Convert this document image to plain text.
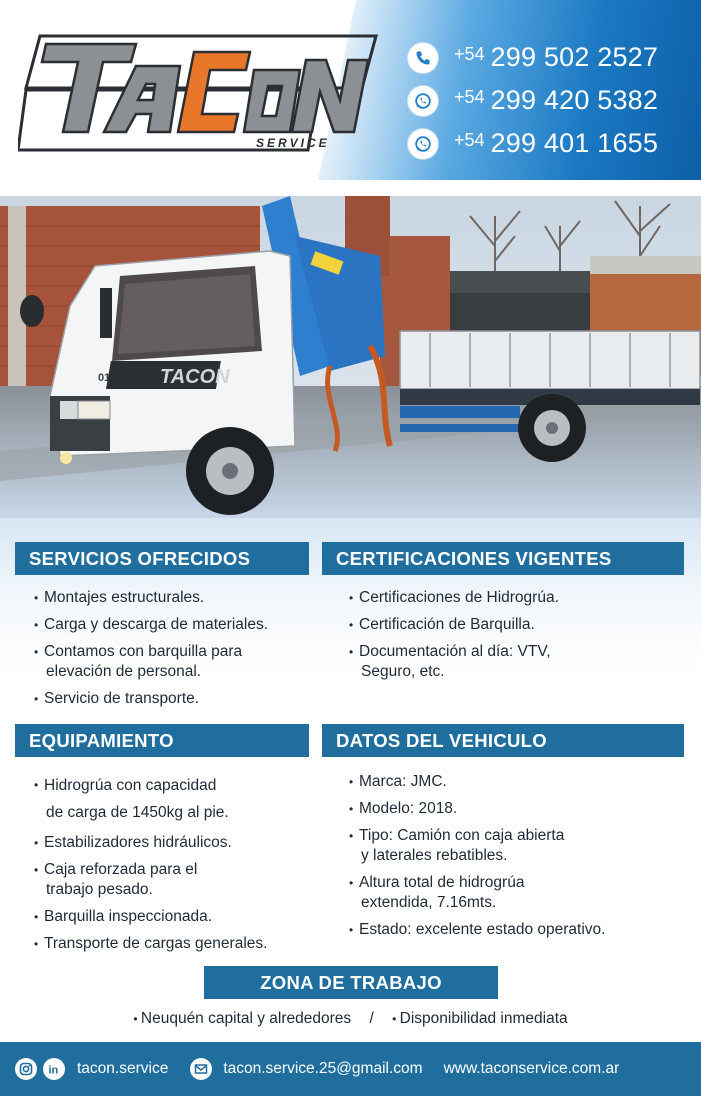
SERVICE
+54 299 502 2527
+54 299 420 5382
+54 299 401 1655
TACON
01
SERVICIOS OFRECIDOS
• Montajes estructurales.
• Carga y descarga de materiales.
• Contamos con barquilla para
elevación de personal.
• Servicio de transporte.
CERTIFICACIONES VIGENTES
• Certificaciones de Hidrogrúa.
• Certificación de Barquilla.
• Documentación al día: VTV,
Seguro, etc.
EQUIPAMIENTO
• Hidrogrúa con capacidad
de carga de 1450kg al pie.
• Estabilizadores hidráulicos.
• Caja reforzada para el
trabajo pesado.
• Barquilla inspeccionada.
• Transporte de cargas generales.
DATOS DEL VEHICULO
• Marca: JMC.
• Modelo: 2018.
• Tipo: Camión con caja abierta
y laterales rebatibles.
• Altura total de hidrogrúa
extendida, 7.16mts.
• Estado: excelente estado operativo.
ZONA DE TRABAJO
• Neuquén capital y alrededores / • Disponibilidad inmediata
in tacon.service	tacon.service.25@gmail.com www.taconservice.com.ar
